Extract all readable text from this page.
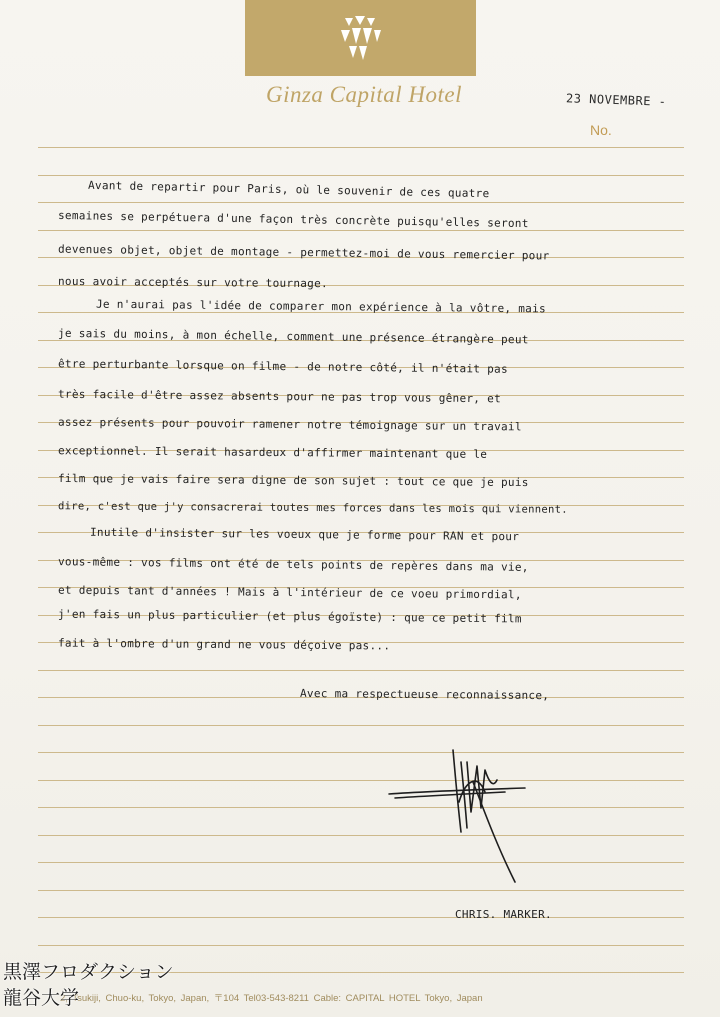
Ginza Capital Hotel	23 NOVEMBRE -
No.
Avant de repartir pour Paris, où le souvenir de ces quatre
semaines se perpétuera d'une façon très concrète puisqu'elles seront
devenues objet, objet de montage - permettez-moi de vous remercier pour
nous avoir acceptés sur votre tournage.
Je n'aurai pas l'idée de comparer mon expérience à la vôtre, mais
je sais du moins, à mon échelle, comment une présence étrangère peut
être perturbante lorsque on filme - de notre côté, il n'était pas
très facile d'être assez absents pour ne pas trop vous gêner, et
assez présents pour pouvoir ramener notre témoignage sur un travail
exceptionnel. Il serait hasardeux d'affirmer maintenant que le
film que je vais faire sera digne de son sujet : tout ce que je puis
dire, c'est que j'y consacrerai toutes mes forces dans les mois qui viennent.
Inutile d'insister sur les voeux que je forme pour RAN et pour
vous-même : vos films ont été de tels points de repères dans ma vie,
et depuis tant d'années ! Mais à l'intérieur de ce voeu primordial,
j'en fais un plus particulier (et plus égoïste) : que ce petit film
fait à l'ombre d'un grand ne vous déçoive pas...
Avec ma respectueuse reconnaissance,
CHRIS. MARKER.
2, Tsukiji, Chuo-ku, Tokyo, Japan, 〒104 Tel03-543-8211 Cable: CAPITAL HOTEL Tokyo, Japan
黒澤フロダクション
龍谷大学
